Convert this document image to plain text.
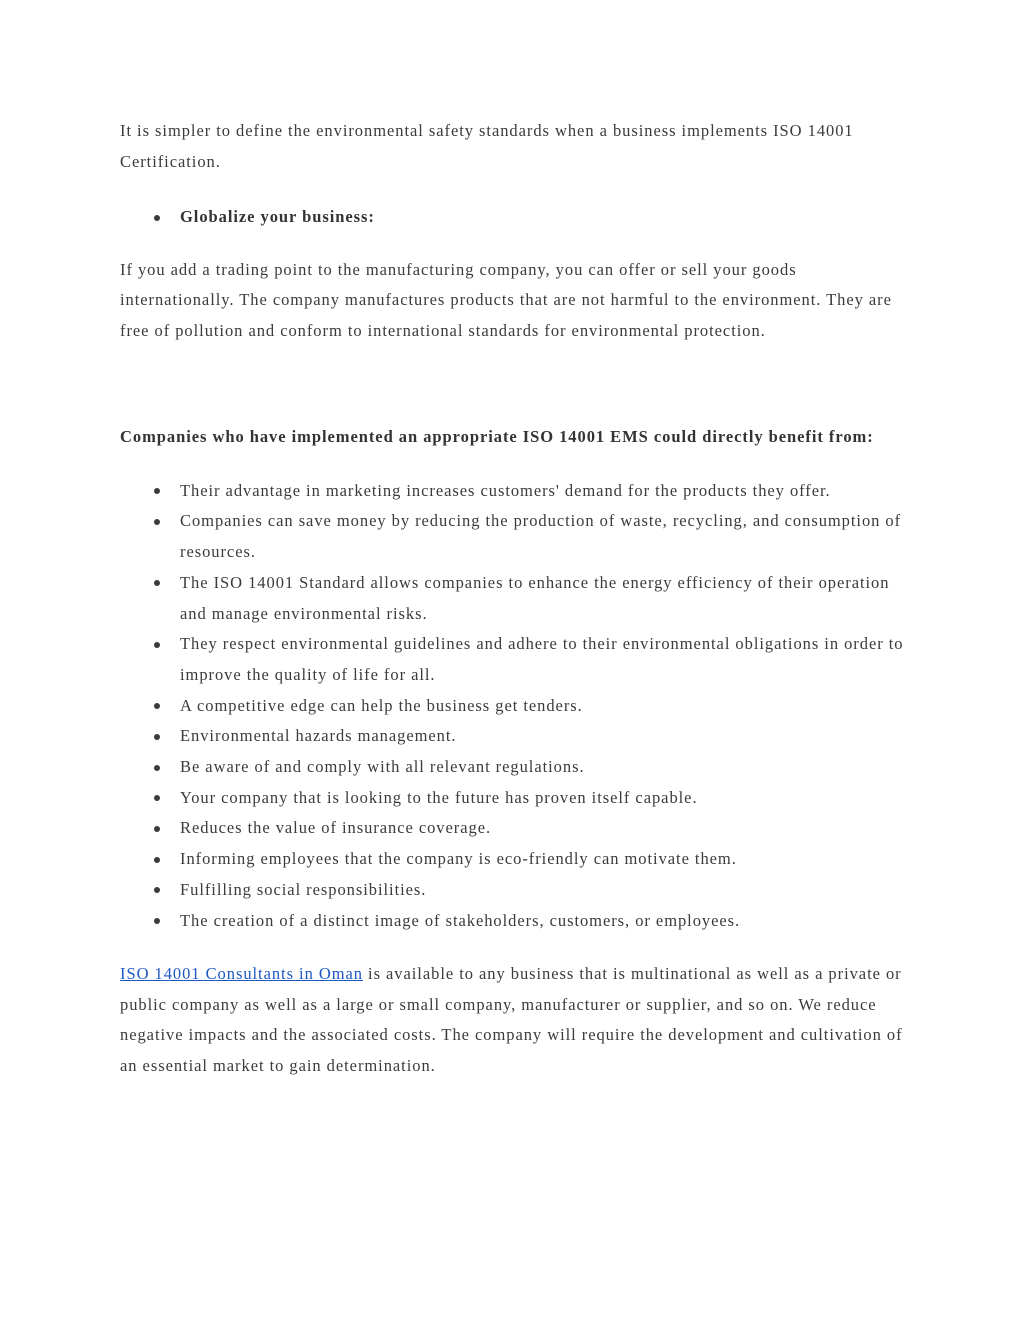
It is simpler to define the environmental safety standards when a business implements ISO 14001 Certification.

Globalize your business:

If you add a trading point to the manufacturing company, you can offer or sell your goods internationally. The company manufactures products that are not harmful to the environment. They are free of pollution and conform to international standards for environmental protection.

Companies who have implemented an appropriate ISO 14001 EMS could directly benefit from:

Their advantage in marketing increases customers' demand for the products they offer.
Companies can save money by reducing the production of waste, recycling, and consumption of resources.
The ISO 14001 Standard allows companies to enhance the energy efficiency of their operation and manage environmental risks.
They respect environmental guidelines and adhere to their environmental obligations in order to improve the quality of life for all.
A competitive edge can help the business get tenders.
Environmental hazards management.
Be aware of and comply with all relevant regulations.
Your company that is looking to the future has proven itself capable.
Reduces the value of insurance coverage.
Informing employees that the company is eco-friendly can motivate them.
Fulfilling social responsibilities.
The creation of a distinct image of stakeholders, customers, or employees.

ISO 14001 Consultants in Oman is available to any business that is multinational as well as a private or public company as well as a large or small company, manufacturer or supplier, and so on. We reduce negative impacts and the associated costs. The company will require the development and cultivation of an essential market to gain determination.
